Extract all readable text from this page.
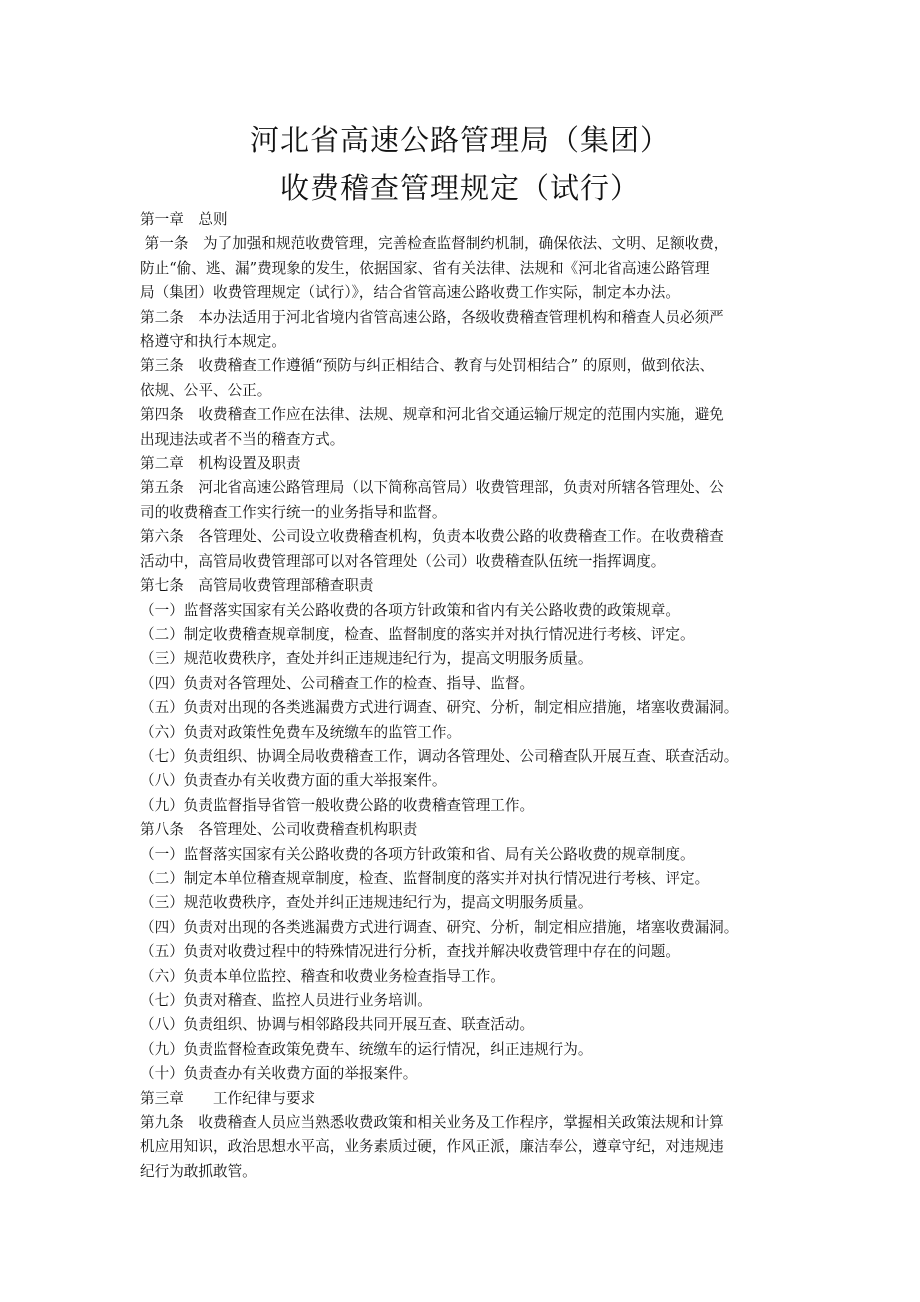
河北省高速公路管理局（集团）
收费稽查管理规定（试行）
第一章　总则
第一条　为了加强和规范收费管理，完善检查监督制约机制，确保依法、文明、足额收费，
防止“偷、逃、漏”费现象的发生，依据国家、省有关法律、法规和《河北省高速公路管理
局（集团）收费管理规定（试行）》，结合省管高速公路收费工作实际，制定本办法。
第二条　本办法适用于河北省境内省管高速公路，各级收费稽查管理机构和稽查人员必须严
格遵守和执行本规定。
第三条　收费稽查工作遵循“预防与纠正相结合、教育与处罚相结合” 的原则，做到依法、
依规、公平、公正。
第四条　收费稽查工作应在法律、法规、规章和河北省交通运输厅规定的范围内实施，避免
出现违法或者不当的稽查方式。
第二章　机构设置及职责
第五条　河北省高速公路管理局（以下简称高管局）收费管理部，负责对所辖各管理处、公
司的收费稽查工作实行统一的业务指导和监督。
第六条　各管理处、公司设立收费稽查机构，负责本收费公路的收费稽查工作。在收费稽查
活动中，高管局收费管理部可以对各管理处（公司）收费稽查队伍统一指挥调度。
第七条　高管局收费管理部稽查职责
（一）监督落实国家有关公路收费的各项方针政策和省内有关公路收费的政策规章。
（二）制定收费稽查规章制度，检查、监督制度的落实并对执行情况进行考核、评定。
（三）规范收费秩序，查处并纠正违规违纪行为，提高文明服务质量。
（四）负责对各管理处、公司稽查工作的检查、指导、监督。
（五）负责对出现的各类逃漏费方式进行调查、研究、分析，制定相应措施，堵塞收费漏洞。
（六）负责对政策性免费车及统缴车的监管工作。
（七）负责组织、协调全局收费稽查工作，调动各管理处、公司稽查队开展互查、联查活动。
（八）负责查办有关收费方面的重大举报案件。
（九）负责监督指导省管一般收费公路的收费稽查管理工作。
第八条　各管理处、公司收费稽查机构职责
（一）监督落实国家有关公路收费的各项方针政策和省、局有关公路收费的规章制度。
（二）制定本单位稽查规章制度，检查、监督制度的落实并对执行情况进行考核、评定。
（三）规范收费秩序，查处并纠正违规违纪行为，提高文明服务质量。
（四）负责对出现的各类逃漏费方式进行调查、研究、分析，制定相应措施，堵塞收费漏洞。
（五）负责对收费过程中的特殊情况进行分析，查找并解决收费管理中存在的问题。
（六）负责本单位监控、稽查和收费业务检查指导工作。
（七）负责对稽查、监控人员进行业务培训。
（八）负责组织、协调与相邻路段共同开展互查、联查活动。
（九）负责监督检查政策免费车、统缴车的运行情况，纠正违规行为。
（十）负责查办有关收费方面的举报案件。
第三章　　工作纪律与要求
第九条　收费稽查人员应当熟悉收费政策和相关业务及工作程序，掌握相关政策法规和计算
机应用知识，政治思想水平高，业务素质过硬，作风正派，廉洁奉公，遵章守纪，对违规违
纪行为敢抓敢管。
